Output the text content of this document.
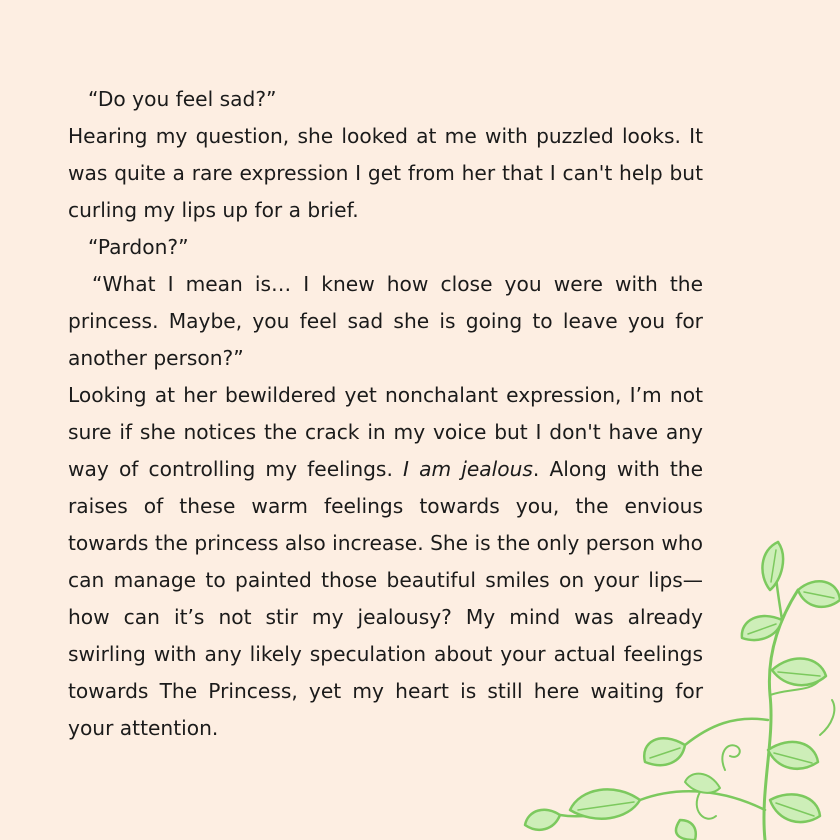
“Do you feel sad?”

Hearing my question, she looked at me with puzzled looks. It was quite a rare expression I get from her that I can't help but curling my lips up for a brief.

“Pardon?”

“What I mean is… I knew how close you were with the princess. Maybe, you feel sad she is going to leave you for another person?”

Looking at her bewildered yet nonchalant expression, I’m not sure if she notices the crack in my voice but I don't have any way of controlling my feelings. I am jealous. Along with the raises of these warm feelings towards you, the envious towards the princess also increase. She is the only person who can manage to painted those beautiful smiles on your lips—how can it’s not stir my jealousy? My mind was already swirling with any likely speculation about your actual feelings towards The Princess, yet my heart is still here waiting for your attention.
